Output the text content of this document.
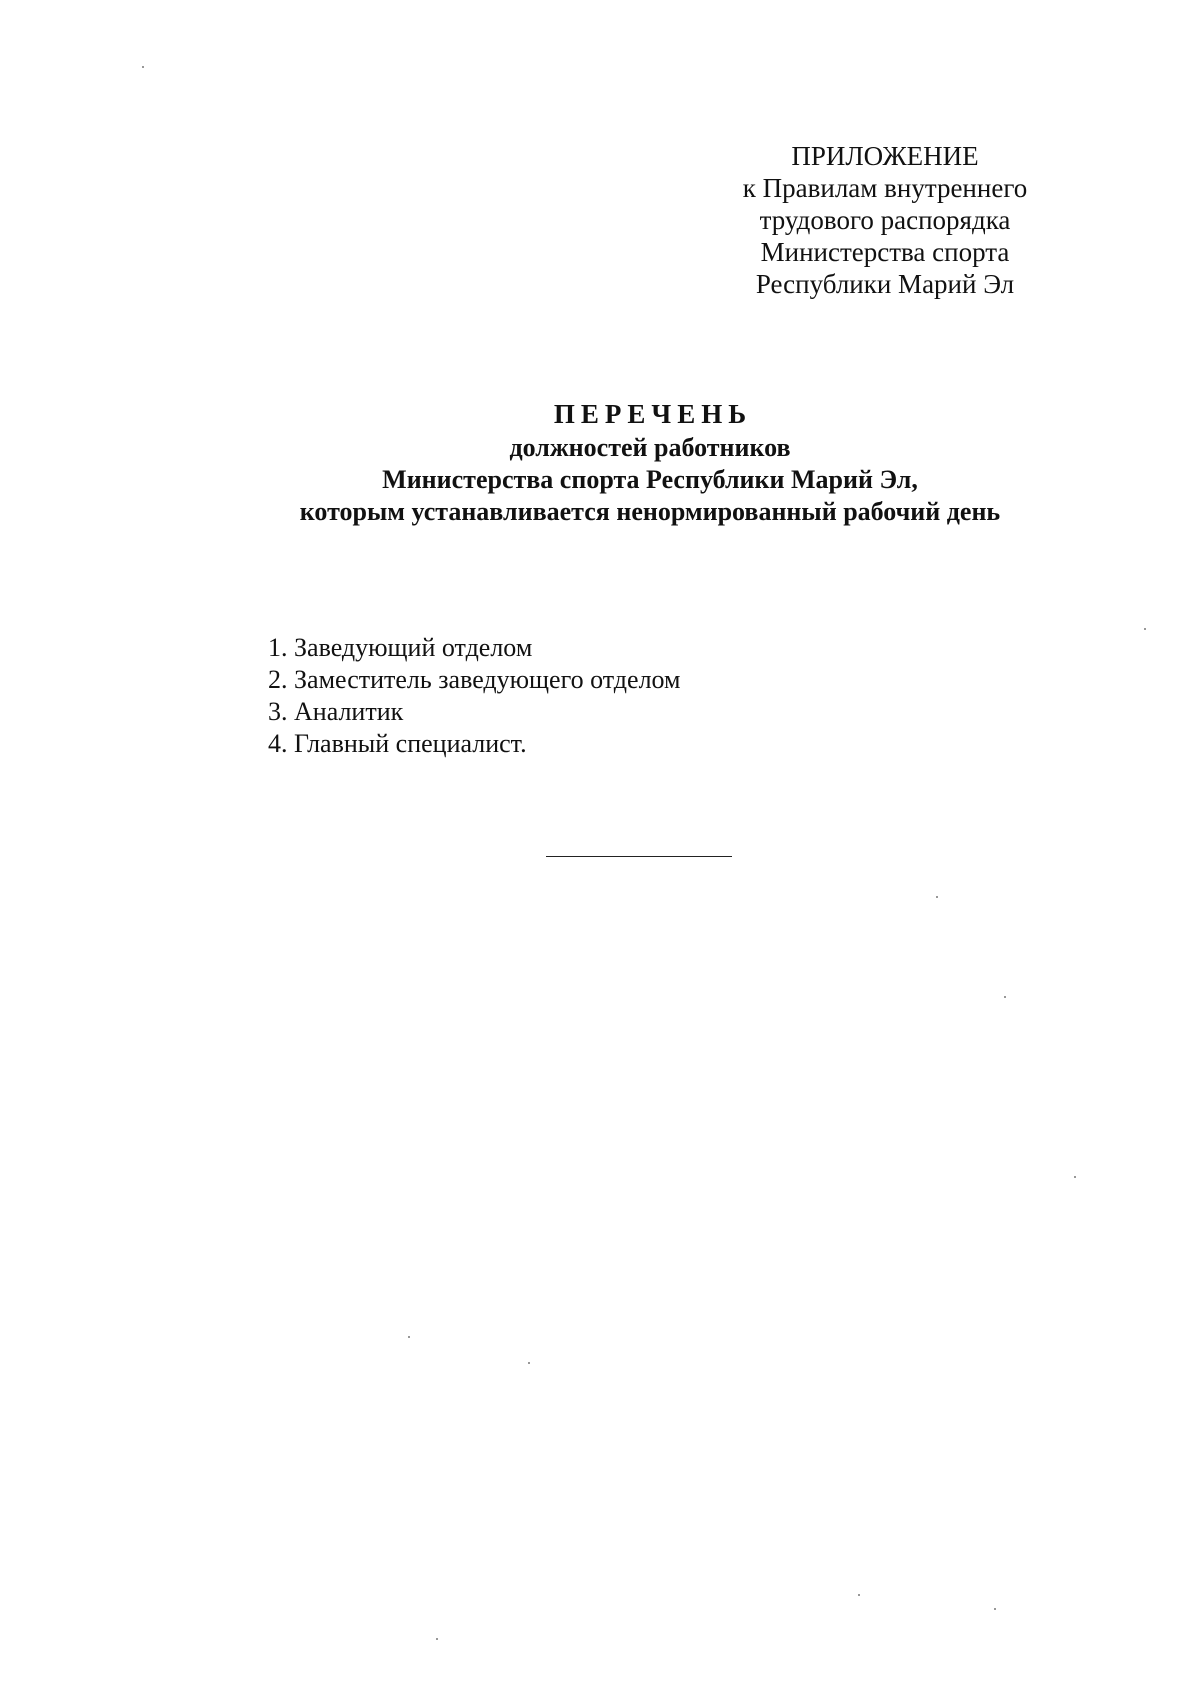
ПРИЛОЖЕНИЕ
к Правилам внутреннего
трудового распорядка
Министерства спорта
Республики Марий Эл
ПЕРЕЧЕНЬ
должностей работников
Министерства спорта Республики Марий Эл,
которым устанавливается ненормированный рабочий день
1. Заведующий отделом
2. Заместитель заведующего отделом
3. Аналитик
4. Главный специалист.
